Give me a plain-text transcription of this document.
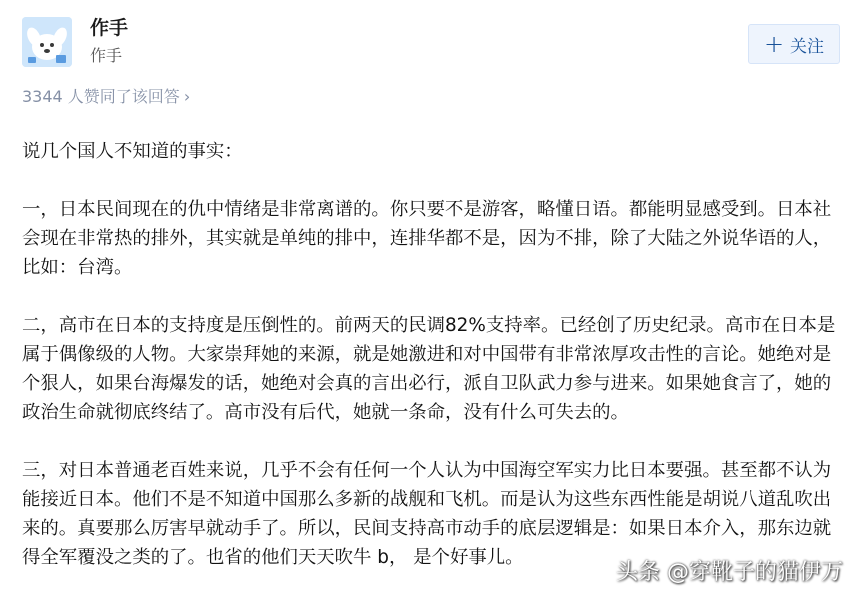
作手
作手	+ 关注
3344 人赞同了该回答 ›

说几个国人不知道的事实：

一，日本民间现在的仇中情绪是非常离谱的。你只要不是游客，略懂日语。都能明显感受到。日本社会现在非常热的排外，其实就是单纯的排中，连排华都不是，因为不排，除了大陆之外说华语的人，比如：台湾。

二，高市在日本的支持度是压倒性的。前两天的民调82%支持率。已经创了历史纪录。高市在日本是属于偶像级的人物。大家崇拜她的来源，就是她激进和对中国带有非常浓厚攻击性的言论。她绝对是个狠人，如果台海爆发的话，她绝对会真的言出必行，派自卫队武力参与进来。如果她食言了，她的政治生命就彻底终结了。高市没有后代，她就一条命，没有什么可失去的。

三，对日本普通老百姓来说，几乎不会有任何一个人认为中国海空军实力比日本要强。甚至都不认为能接近日本。他们不是不知道中国那么多新的战舰和飞机。而是认为这些东西性能是胡说八道乱吹出来的。真要那么厉害早就动手了。所以，民间支持高市动手的底层逻辑是：如果日本介入，那东边就得全军覆没之类的了。也省的他们天天吹牛 b， 是个好事儿。

头条 @穿靴子的猫伊万
